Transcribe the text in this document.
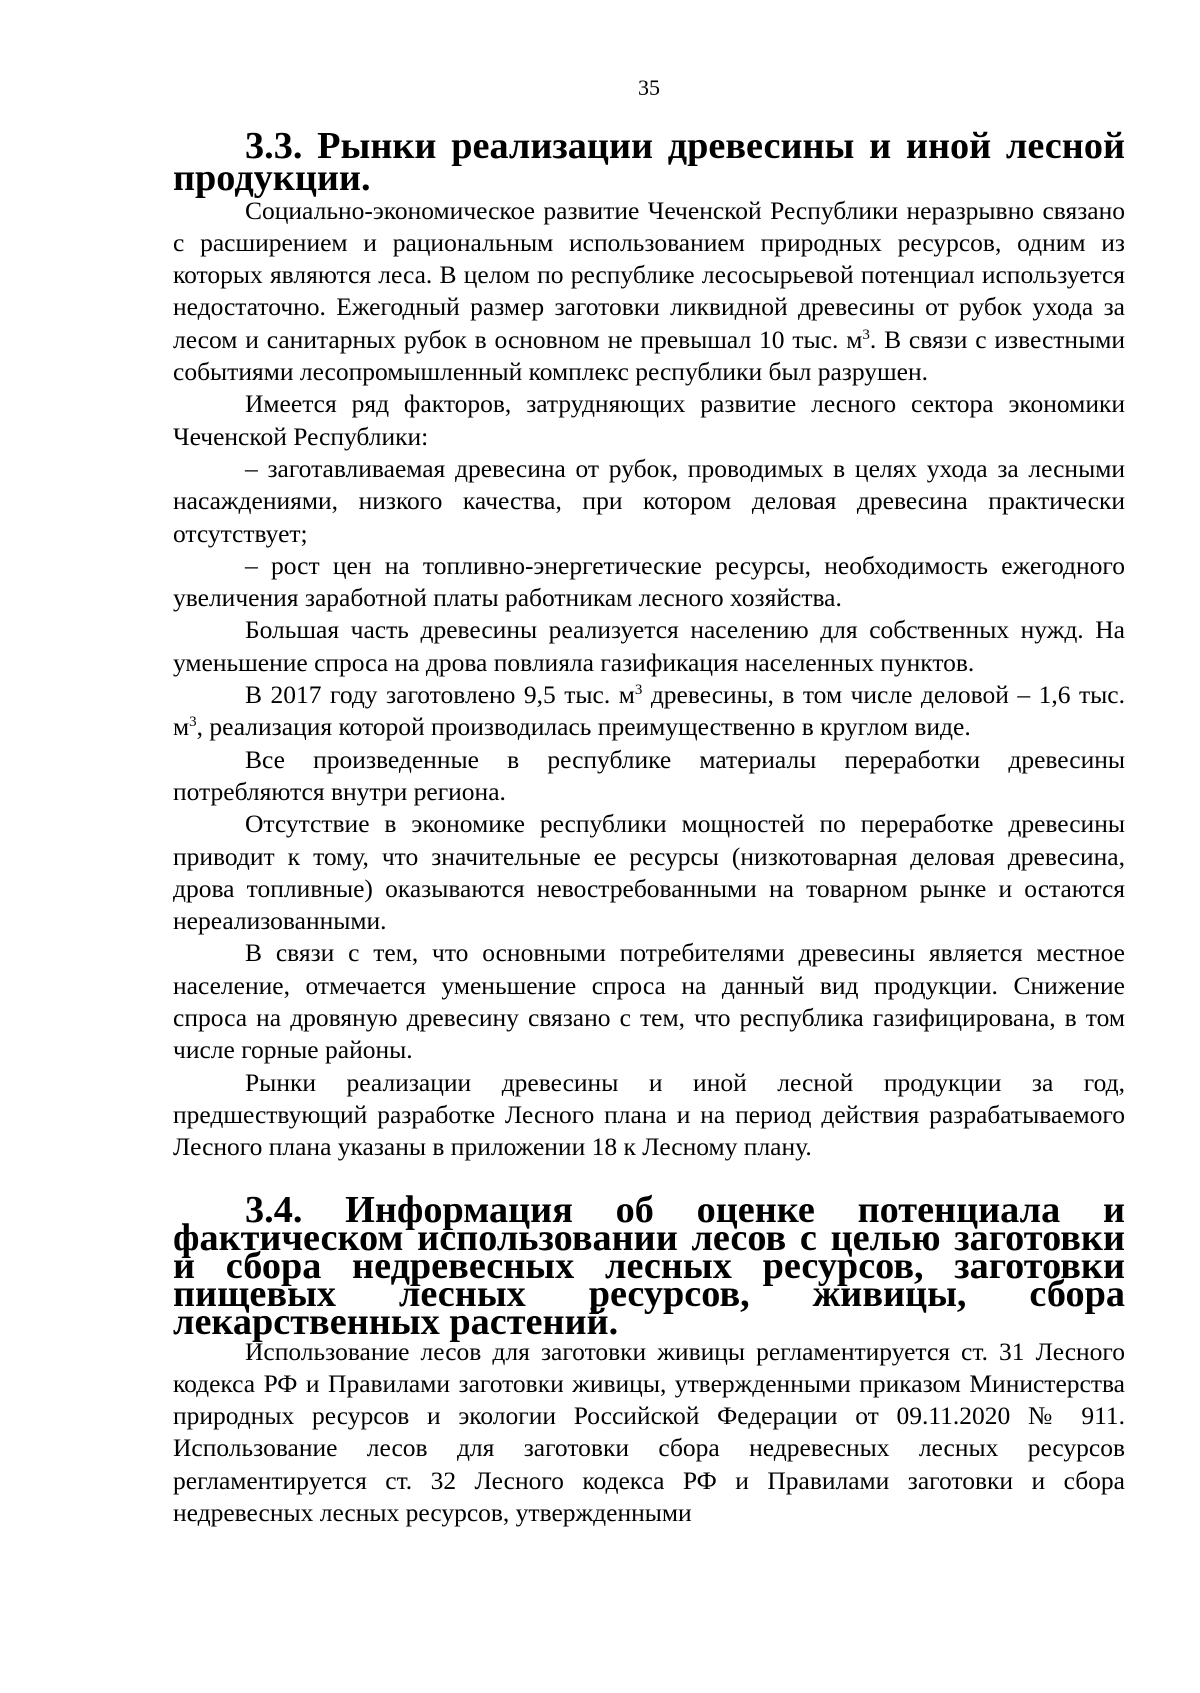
35
3.3. Рынки реализации древесины и иной лесной продукции.

Социально-экономическое развитие Чеченской Республики неразрывно связано с расширением и рациональным использованием природных ресурсов, одним из которых являются леса. В целом по республике лесосырьевой потенциал используется недостаточно. Ежегодный размер заготовки ликвидной древесины от рубок ухода за лесом и санитарных рубок в основном не превышал 10 тыс. $м^3$. В связи с известными событиями лесопромышленный комплекс республики был разрушен.

Имеется ряд факторов, затрудняющих развитие лесного сектора экономики Чеченской Республики:

– заготавливаемая древесина от рубок, проводимых в целях ухода за лесными насаждениями, низкого качества, при котором деловая древесина практически отсутствует;

– рост цен на топливно-энергетические ресурсы, необходимость ежегодного увеличения заработной платы работникам лесного хозяйства.

Большая часть древесины реализуется населению для собственных нужд. На уменьшение спроса на дрова повлияла газификация населенных пунктов.

В 2017 году заготовлено 9,5 тыс. $м^3$ древесины, в том числе деловой – 1,6 тыс. $м^3$, реализация которой производилась преимущественно в круглом виде.

Все произведенные в республике материалы переработки древесины потребляются внутри региона.

Отсутствие в экономике республики мощностей по переработке древесины приводит к тому, что значительные ее ресурсы (низкотоварная деловая древесина, дрова топливные) оказываются невостребованными на товарном рынке и остаются нереализованными.

В связи с тем, что основными потребителями древесины является местное население, отмечается уменьшение спроса на данный вид продукции. Снижение спроса на дровяную древесину связано с тем, что республика газифицирована, в том числе горные районы.

Рынки реализации древесины и иной лесной продукции за год, предшествующий разработке Лесного плана и на период действия разрабатываемого Лесного плана указаны в приложении 18 к Лесному плану.

3.4. Информация об оценке потенциала и фактическом использовании лесов с целью заготовки и сбора недревесных лесных ресурсов, заготовки пищевых лесных ресурсов, живицы, сбора лекарственных растений.

Использование лесов для заготовки живицы регламентируется ст. 31 Лесного кодекса РФ и Правилами заготовки живицы, утвержденными приказом Министерства природных ресурсов и экологии Российской Федерации от 09.11.2020 № 911. Использование лесов для заготовки сбора недревесных лесных ресурсов регламентируется ст. 32 Лесного кодекса РФ и Правилами заготовки и сбора недревесных лесных ресурсов, утвержденными
